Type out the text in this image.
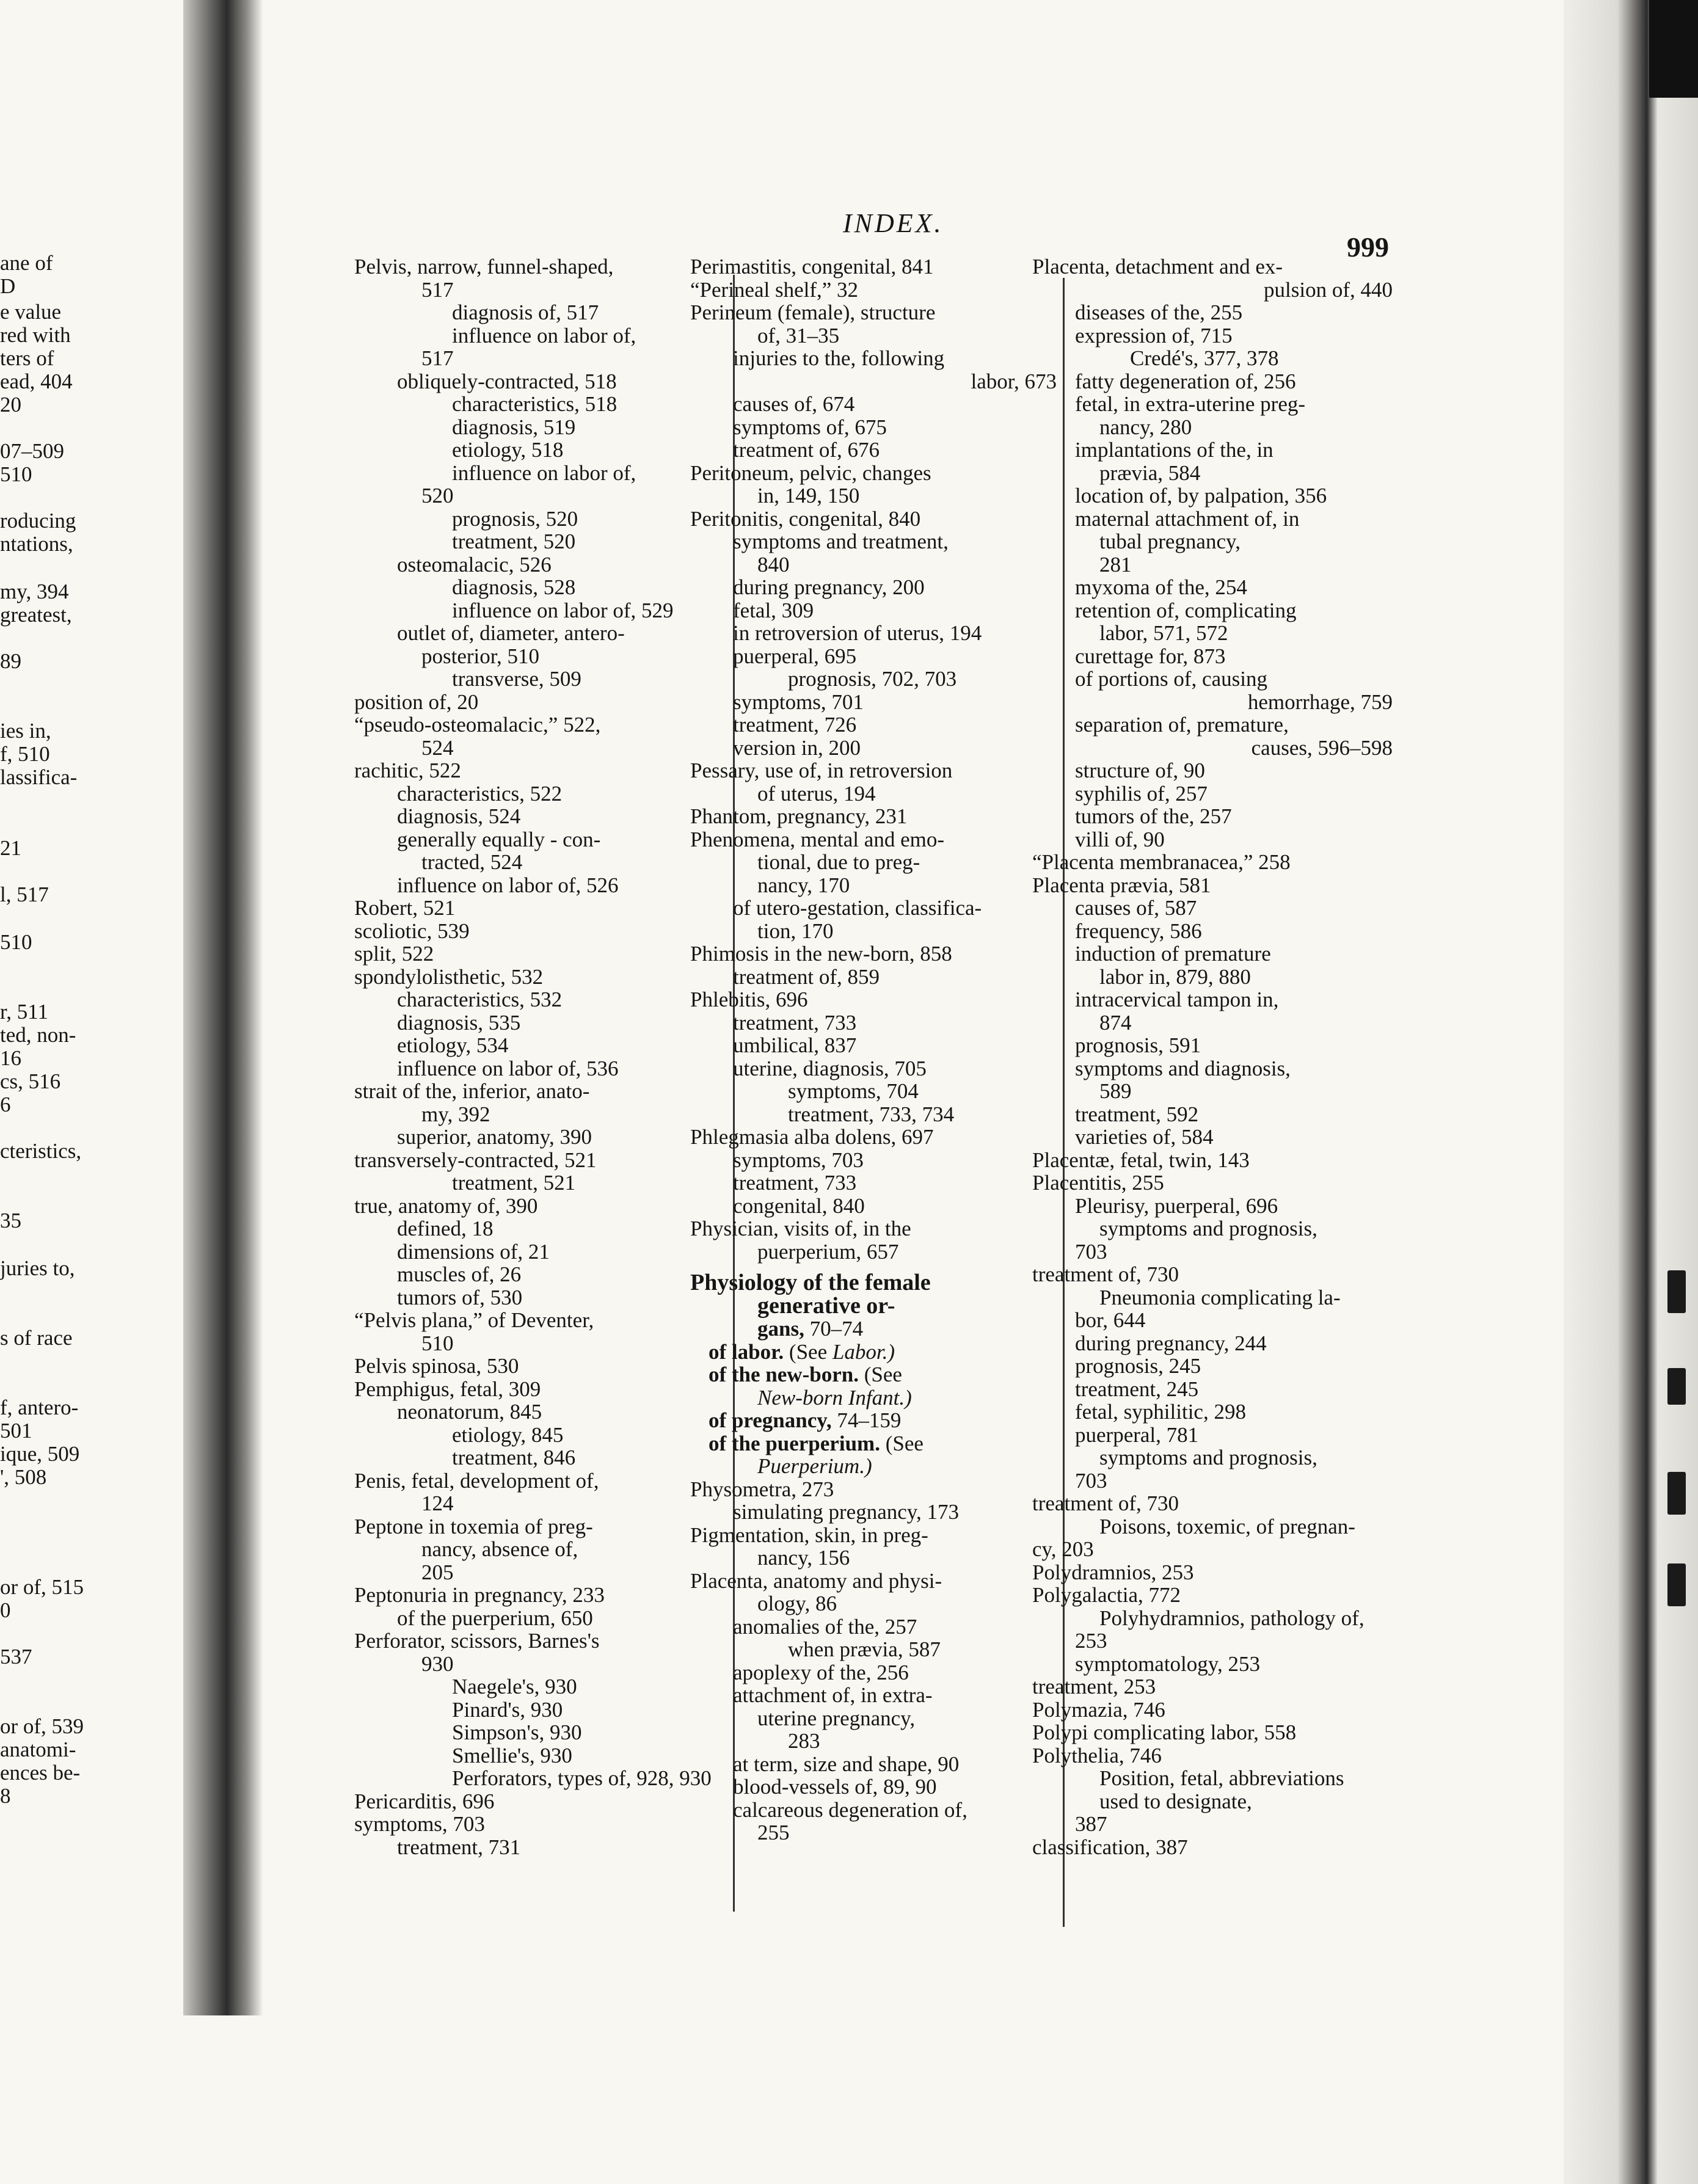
ane of
D
e value
red with
ters of
ead, 404
20
07–509
510
roducing
ntations,
my, 394
greatest,
89
ies in,
f, 510
lassifica-
21
l, 517
510
r, 511
ted, non-
16
cs, 516
6
cteristics,
35
juries to,
s of race
f, antero-
501
ique, 509
', 508
or of, 515
0
537
or of, 539
anatomi-
ences be-
8
INDEX.
999
Pelvis, narrow, funnel-shaped,
517
diagnosis of, 517
influence on labor of,
517
obliquely-contracted, 518
characteristics, 518
diagnosis, 519
etiology, 518
influence on labor of,
520
prognosis, 520
treatment, 520
osteomalacic, 526
diagnosis, 528
influence on labor of, 529
outlet of, diameter, antero-
posterior, 510
transverse, 509
position of, 20
“pseudo-osteomalacic,” 522,
524
rachitic, 522
characteristics, 522
diagnosis, 524
generally equally - con-
tracted, 524
influence on labor of, 526
Robert, 521
scoliotic, 539
split, 522
spondylolisthetic, 532
characteristics, 532
diagnosis, 535
etiology, 534
influence on labor of, 536
strait of the, inferior, anato-
my, 392
superior, anatomy, 390
transversely-contracted, 521
treatment, 521
true, anatomy of, 390
defined, 18
dimensions of, 21
muscles of, 26
tumors of, 530
“Pelvis plana,” of Deventer,
510
Pelvis spinosa, 530
Pemphigus, fetal, 309
neonatorum, 845
etiology, 845
treatment, 846
Penis, fetal, development of,
124
Peptone in toxemia of preg-
nancy, absence of,
205
Peptonuria in pregnancy, 233
of the puerperium, 650
Perforator, scissors, Barnes's
930
Naegele's, 930
Pinard's, 930
Simpson's, 930
Smellie's, 930
Perforators, types of, 928, 930
Pericarditis, 696
symptoms, 703
treatment, 731
Perimastitis, congenital, 841
“Perineal shelf,” 32
Perineum (female), structure
of, 31–35
injuries to the, following
labor, 673
causes of, 674
symptoms of, 675
treatment of, 676
Peritoneum, pelvic, changes
in, 149, 150
Peritonitis, congenital, 840
symptoms and treatment,
840
during pregnancy, 200
fetal, 309
in retroversion of uterus, 194
puerperal, 695
prognosis, 702, 703
symptoms, 701
treatment, 726
version in, 200
Pessary, use of, in retroversion
of uterus, 194
Phantom, pregnancy, 231
Phenomena, mental and emo-
tional, due to preg-
nancy, 170
of utero-gestation, classifica-
tion, 170
Phimosis in the new-born, 858
treatment of, 859
Phlebitis, 696
treatment, 733
umbilical, 837
uterine, diagnosis, 705
symptoms, 704
treatment, 733, 734
Phlegmasia alba dolens, 697
symptoms, 703
treatment, 733
congenital, 840
Physician, visits of, in the
puerperium, 657
Physiology of the female
generative or-
gans, 70–74
of labor. (See Labor.)
of the new-born. (See
New-born Infant.)
of pregnancy, 74–159
of the puerperium. (See
Puerperium.)
Physometra, 273
simulating pregnancy, 173
Pigmentation, skin, in preg-
nancy, 156
Placenta, anatomy and physi-
ology, 86
anomalies of the, 257
when prævia, 587
apoplexy of the, 256
attachment of, in extra-
uterine pregnancy,
283
at term, size and shape, 90
blood-vessels of, 89, 90
calcareous degeneration of,
255
Placenta, detachment and ex-
pulsion of, 440
diseases of the, 255
expression of, 715
Credé's, 377, 378
fatty degeneration of, 256
fetal, in extra-uterine preg-
nancy, 280
implantations of the, in
prævia, 584
location of, by palpation, 356
maternal attachment of, in
tubal pregnancy,
281
myxoma of the, 254
retention of, complicating
labor, 571, 572
curettage for, 873
of portions of, causing
hemorrhage, 759
separation of, premature,
causes, 596–598
structure of, 90
syphilis of, 257
tumors of the, 257
villi of, 90
“Placenta membranacea,” 258
Placenta prævia, 581
causes of, 587
frequency, 586
induction of premature
labor in, 879, 880
intracervical tampon in,
874
prognosis, 591
symptoms and diagnosis,
589
treatment, 592
varieties of, 584
Placentæ, fetal, twin, 143
Placentitis, 255
Pleurisy, puerperal, 696
symptoms and prognosis,
703
treatment of, 730
Pneumonia complicating la-
bor, 644
during pregnancy, 244
prognosis, 245
treatment, 245
fetal, syphilitic, 298
puerperal, 781
symptoms and prognosis,
703
treatment of, 730
Poisons, toxemic, of pregnan-
cy, 203
Polydramnios, 253
Polygalactia, 772
Polyhydramnios, pathology of,
253
symptomatology, 253
treatment, 253
Polymazia, 746
Polypi complicating labor, 558
Polythelia, 746
Position, fetal, abbreviations
used to designate,
387
classification, 387
